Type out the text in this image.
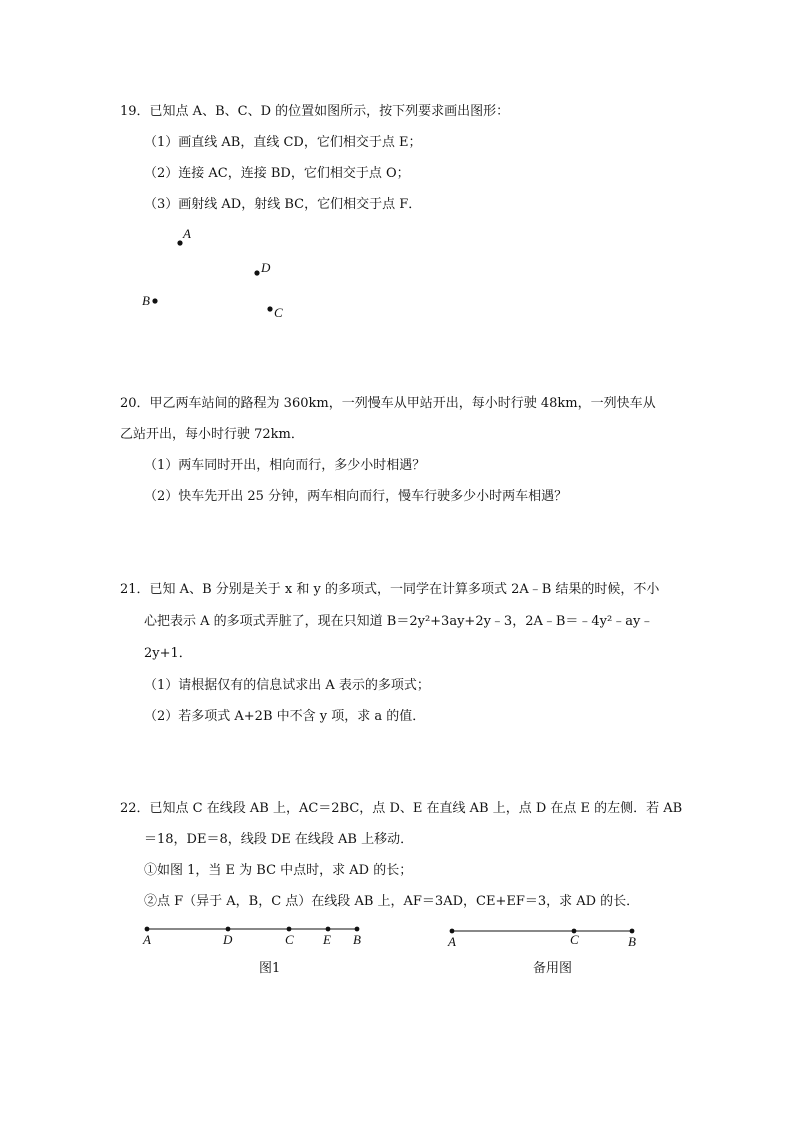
19．已知点 A、B、C、D 的位置如图所示，按下列要求画出图形：
（1）画直线 AB，直线 CD，它们相交于点 E；
（2）连接 AC，连接 BD，它们相交于点 O；
（3）画射线 AD，射线 BC，它们相交于点 F．
A
D
B
C
20．甲乙两车站间的路程为 360km，一列慢车从甲站开出，每小时行驶 48km，一列快车从
乙站开出，每小时行驶 72km．
（1）两车同时开出，相向而行，多少小时相遇？
（2）快车先开出 25 分钟，两车相向而行，慢车行驶多少小时两车相遇？
21．已知 A、B 分别是关于 x 和 y 的多项式，一同学在计算多项式 2A﹣B 结果的时候，不小
心把表示 A 的多项式弄脏了，现在只知道 B＝2y²+3ay+2y﹣3，2A﹣B＝﹣4y²﹣ay﹣
2y+1．
（1）请根据仅有的信息试求出 A 表示的多项式；
（2）若多项式 A+2B 中不含 y 项，求 a 的值．
22．已知点 C 在线段 AB 上，AC＝2BC，点 D、E 在直线 AB 上，点 D 在点 E 的左侧．若 AB
＝18，DE＝8，线段 DE 在线段 AB 上移动．
①如图 1，当 E 为 BC 中点时，求 AD 的长；
②点 F（异于 A，B，C 点）在线段 AB 上，AF＝3AD，CE+EF＝3，求 AD 的长．
A	D	C E B
图1
A	C	B
备用图
